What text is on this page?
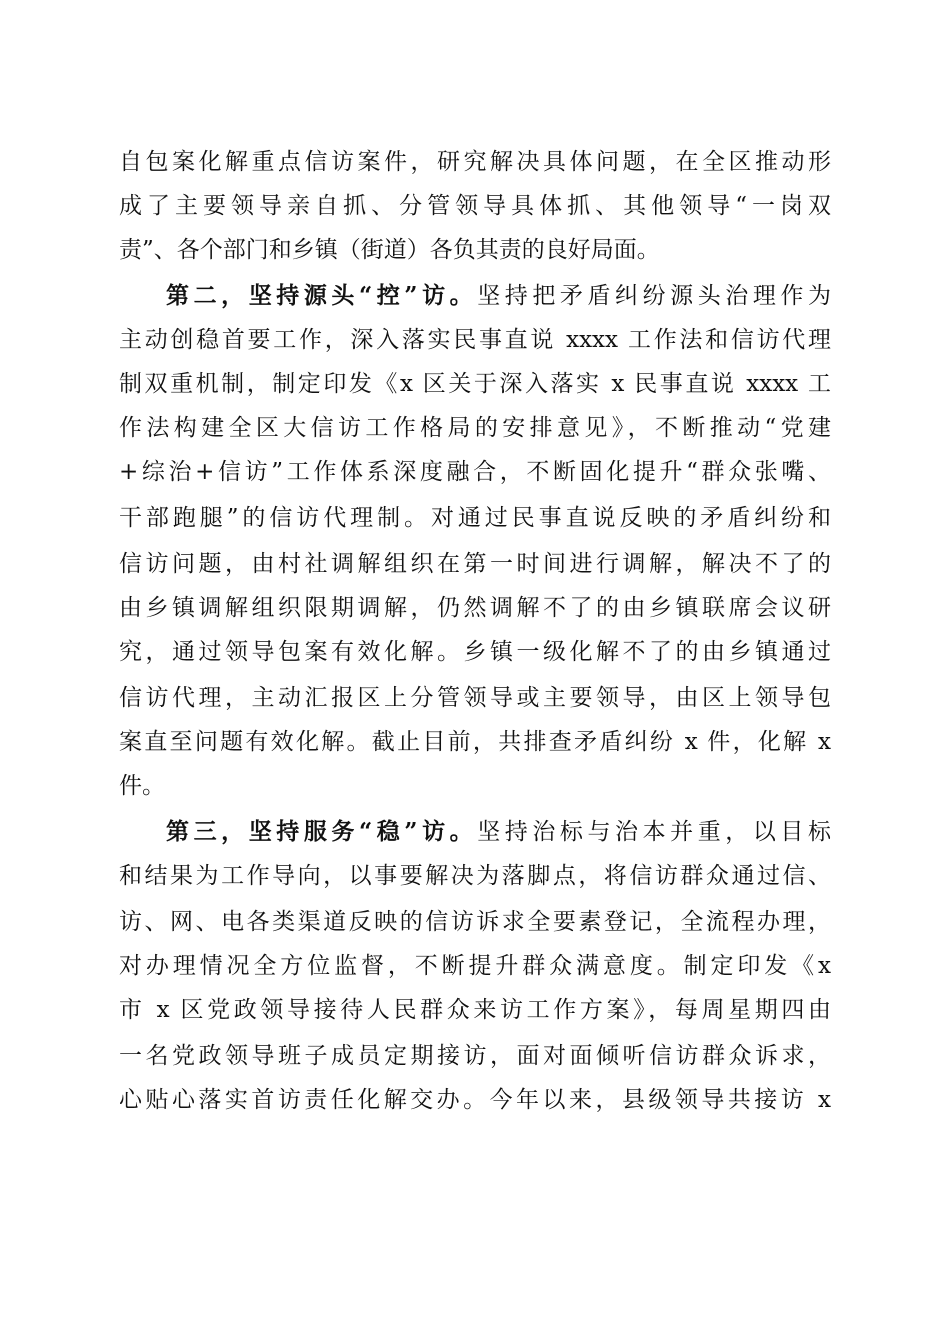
自包案化解重点信访案件，研究解决具体问题，在全区推动形
成了主要领导亲自抓、分管领导具体抓、其他领导“一岗双
责”、各个部门和乡镇（街道）各负其责的良好局面。
第二，坚持源头“控”访。坚持把矛盾纠纷源头治理作为
主动创稳首要工作，深入落实民事直说 xxxx 工作法和信访代理
制双重机制，制定印发《x 区关于深入落实 x 民事直说 xxxx 工
作法构建全区大信访工作格局的安排意见》，不断推动“党建
+综治+信访”工作体系深度融合，不断固化提升“群众张嘴、
干部跑腿”的信访代理制。对通过民事直说反映的矛盾纠纷和
信访问题，由村社调解组织在第一时间进行调解，解决不了的
由乡镇调解组织限期调解，仍然调解不了的由乡镇联席会议研
究，通过领导包案有效化解。乡镇一级化解不了的由乡镇通过
信访代理，主动汇报区上分管领导或主要领导，由区上领导包
案直至问题有效化解。截止目前，共排查矛盾纠纷 x 件，化解 x
件。
第三，坚持服务“稳”访。坚持治标与治本并重，以目标
和结果为工作导向，以事要解决为落脚点，将信访群众通过信、
访、网、电各类渠道反映的信访诉求全要素登记，全流程办理，
对办理情况全方位监督，不断提升群众满意度。制定印发《x
市 x 区党政领导接待人民群众来访工作方案》，每周星期四由
一名党政领导班子成员定期接访，面对面倾听信访群众诉求，
心贴心落实首访责任化解交办。今年以来，县级领导共接访 x
